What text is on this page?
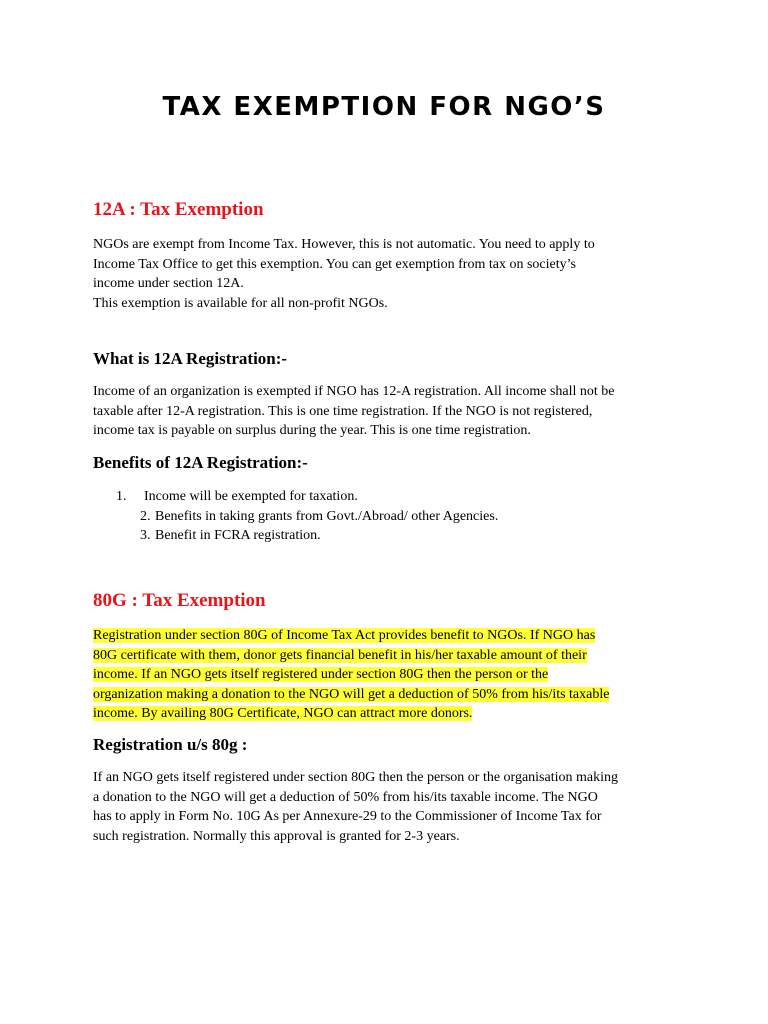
TAX EXEMPTION FOR NGO’S
12A : Tax Exemption

NGOs are exempt from Income Tax. However, this is not automatic. You need to apply to
Income Tax Office to get this exemption. You can get exemption from tax on society’s
income under section 12A.
This exemption is available for all non-profit NGOs.

What is 12A Registration:-

Income of an organization is exempted if NGO has 12-A registration. All income shall not be
taxable after 12-A registration. This is one time registration. If the NGO is not registered,
income tax is payable on surplus during the year. This is one time registration.

Benefits of 12A Registration:-
1. Income will be exempted for taxation.
2. Benefits in taking grants from Govt./Abroad/ other Agencies.
3. Benefit in FCRA registration.
80G : Tax Exemption

Registration under section 80G of Income Tax Act provides benefit to NGOs. If NGO has
80G certificate with them, donor gets financial benefit in his/her taxable amount of their
income. If an NGO gets itself registered under section 80G then the person or the
organization making a donation to the NGO will get a deduction of 50% from his/its taxable
income. By availing 80G Certificate, NGO can attract more donors.

Registration u/s 80g :

If an NGO gets itself registered under section 80G then the person or the organisation making
a donation to the NGO will get a deduction of 50% from his/its taxable income. The NGO
has to apply in Form No. 10G As per Annexure-29 to the Commissioner of Income Tax for
such registration. Normally this approval is granted for 2-3 years.
